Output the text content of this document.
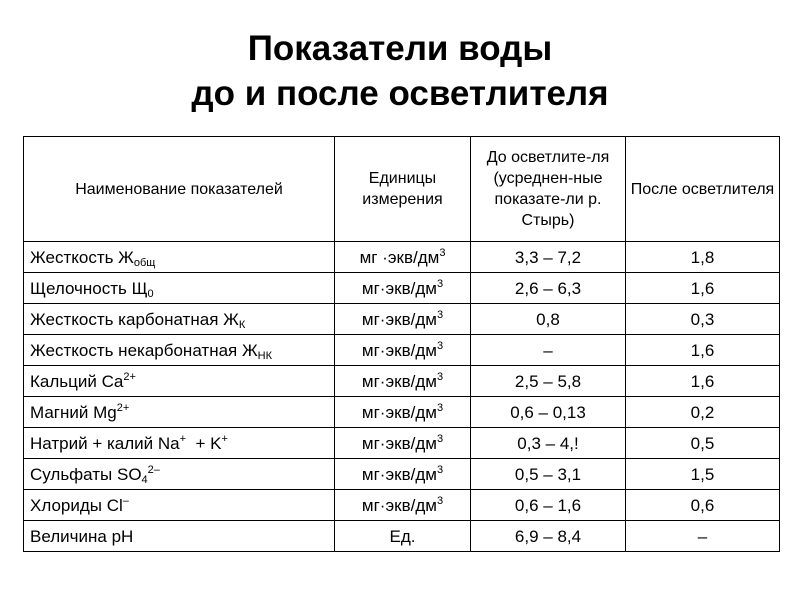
Показатели воды
до и после осветлителя
Наименование показателей	Единицы измерения	До осветлите-ля (усреднен-ные показате-ли р. Стырь)	После осветлителя
Жесткость $Ж_{общ}$	мг $\cdot экв/дм^3$	3,3 – 7,2	1,8
Щелочность $Щ_0$	$мг\cdot экв/дм^3$	2,6 – 6,3	1,6
Жесткость карбонатная $Ж_К$	$мг\cdot экв/дм^3$	0,8	0,3
Жесткость некарбонатная $Ж_{НК}$	$мг\cdot экв/дм^3$	–	1,6
Кальций $Ca^{2+}$	$мг\cdot экв/дм^3$	2,5 – 5,8	1,6
Магний $Mg^{2+}$	$мг\cdot экв/дм^3$	0,6 – 0,13	0,2
Натрий + калий Na+  + K+	$мг\cdot экв/дм^3$	0,3 – 4,!	0,5
Сульфаты $SO_4^{2-}$	$мг\cdot экв/дм^3$	0,5 – 3,1	1,5
Хлориды Cl–	$мг\cdot экв/дм^3$	0,6 – 1,6	0,6
Величина pH	Ед.	6,9 – 8,4	–
